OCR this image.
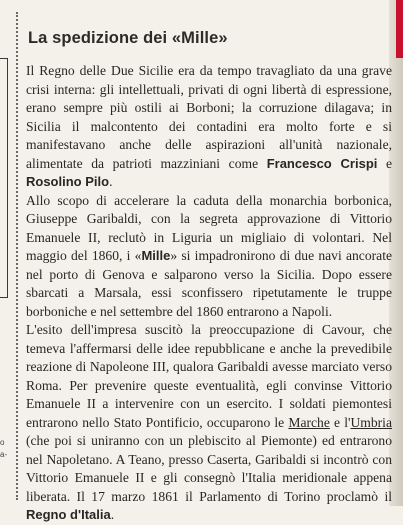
o
a-
La spedizione dei «Mille»

Il Regno delle Due Sicilie era da tempo travagliato da una grave crisi interna: gli intellettuali, privati di ogni libertà di espressione, erano sempre più ostili ai Borboni; la corruzione dilagava; in Sicilia il malcontento dei contadini era molto forte e si manifestavano anche delle aspirazioni all'unità nazionale, alimentate da patrioti mazziniani come Francesco Crispi e Rosolino Pilo.

Allo scopo di accelerare la caduta della monarchia borbonica, Giuseppe Garibaldi, con la segreta approvazione di Vittorio Emanuele II, reclutò in Liguria un migliaio di volontari. Nel maggio del 1860, i «Mille» si impadronirono di due navi ancorate nel porto di Genova e salparono verso la Sicilia. Dopo essere sbarcati a Marsala, essi sconfissero ripetutamente le truppe borboniche e nel settembre del 1860 entrarono a Napoli.

L'esito dell'impresa suscitò la preoccupazione di Cavour, che temeva l'affermarsi delle idee repubblicane e anche la prevedibile reazione di Napoleone III, qualora Garibaldi avesse marciato verso Roma. Per prevenire queste eventualità, egli convinse Vittorio Emanuele II a intervenire con un esercito. I soldati piemontesi entrarono nello Stato Pontificio, occuparono le Marche e l'Umbria (che poi si uniranno con un plebiscito al Piemonte) ed entrarono nel Napoletano. A Teano, presso Caserta, Garibaldi si incontrò con Vittorio Emanuele II e gli consegnò l'Italia meridionale appena liberata. Il 17 marzo 1861 il Parlamento di Torino proclamò il Regno d'Italia.
